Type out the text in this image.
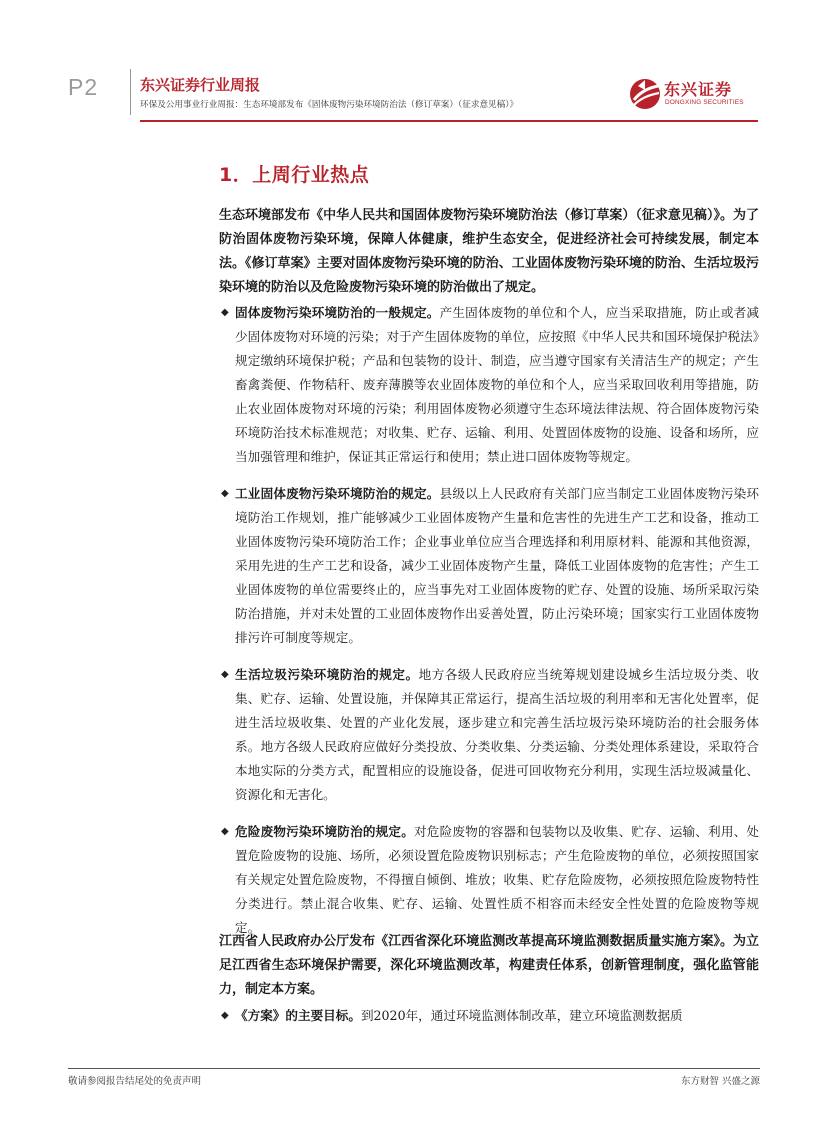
P2	东兴证券行业周报
环保及公用事业行业周报：生态环境部发布《固体废物污染环境防治法（修订草案）（征求意见稿）》
东兴证券
DONGXING SECURITIES
1．上周行业热点
生态环境部发布《中华人民共和国固体废物污染环境防治法（修订草案）（征求意见稿）》。为了防治固体废物污染环境，保障人体健康，维护生态安全，促进经济社会可持续发展，制定本法。《修订草案》主要对固体废物污染环境的防治、工业固体废物污染环境的防治、生活垃圾污染环境的防治以及危险废物污染环境的防治做出了规定。
◆ 固体废物污染环境防治的一般规定。产生固体废物的单位和个人，应当采取措施，防止或者减少固体废物对环境的污染；对于产生固体废物的单位，应按照《中华人民共和国环境保护税法》规定缴纳环境保护税；产品和包装物的设计、制造，应当遵守国家有关清洁生产的规定；产生畜禽粪便、作物秸秆、废弃薄膜等农业固体废物的单位和个人，应当采取回收利用等措施，防止农业固体废物对环境的污染；利用固体废物必须遵守生态环境法律法规、符合固体废物污染环境防治技术标准规范；对收集、贮存、运输、利用、处置固体废物的设施、设备和场所，应当加强管理和维护，保证其正常运行和使用；禁止进口固体废物等规定。
◆ 工业固体废物污染环境防治的规定。县级以上人民政府有关部门应当制定工业固体废物污染环境防治工作规划，推广能够减少工业固体废物产生量和危害性的先进生产工艺和设备，推动工业固体废物污染环境防治工作；企业事业单位应当合理选择和利用原材料、能源和其他资源，采用先进的生产工艺和设备，减少工业固体废物产生量，降低工业固体废物的危害性；产生工业固体废物的单位需要终止的，应当事先对工业固体废物的贮存、处置的设施、场所采取污染防治措施，并对未处置的工业固体废物作出妥善处置，防止污染环境；国家实行工业固体废物排污许可制度等规定。
◆ 生活垃圾污染环境防治的规定。地方各级人民政府应当统筹规划建设城乡生活垃圾分类、收集、贮存、运输、处置设施，并保障其正常运行，提高生活垃圾的利用率和无害化处置率，促进生活垃圾收集、处置的产业化发展，逐步建立和完善生活垃圾污染环境防治的社会服务体系。地方各级人民政府应做好分类投放、分类收集、分类运输、分类处理体系建设，采取符合本地实际的分类方式，配置相应的设施设备，促进可回收物充分利用，实现生活垃圾减量化、资源化和无害化。
◆ 危险废物污染环境防治的规定。对危险废物的容器和包装物以及收集、贮存、运输、利用、处置危险废物的设施、场所，必须设置危险废物识别标志；产生危险废物的单位，必须按照国家有关规定处置危险废物，不得擅自倾倒、堆放；收集、贮存危险废物，必须按照危险废物特性分类进行。禁止混合收集、贮存、运输、处置性质不相容而未经安全性处置的危险废物等规定。
江西省人民政府办公厅发布《江西省深化环境监测改革提高环境监测数据质量实施方案》。为立足江西省生态环境保护需要，深化环境监测改革，构建责任体系，创新管理制度，强化监管能力，制定本方案。
◆ 《方案》的主要目标。到2020年，通过环境监测体制改革，建立环境监测数据质
敬请参阅报告结尾处的免责声明	东方财智 兴盛之源
